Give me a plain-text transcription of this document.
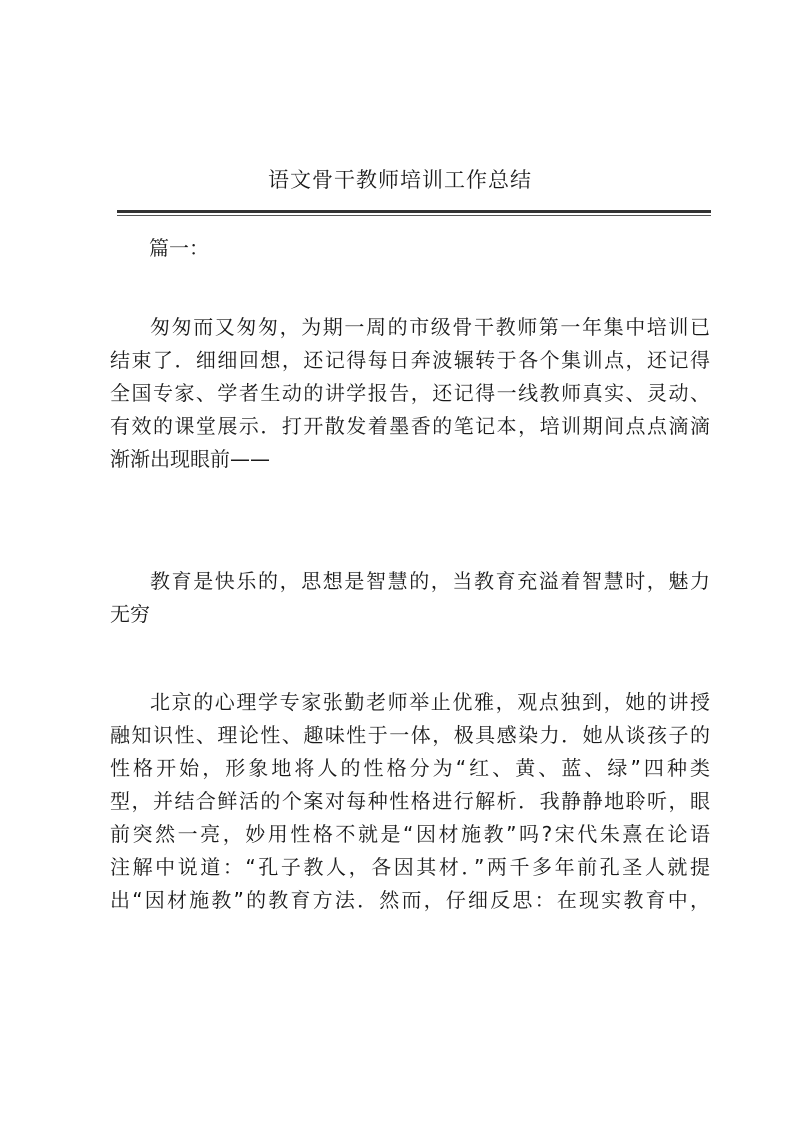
语文骨干教师培训工作总结
篇一：
匆匆而又匆匆，为期一周的市级骨干教师第一年集中培训已
结束了．细细回想，还记得每日奔波辗转于各个集训点，还记得
全国专家、学者生动的讲学报告，还记得一线教师真实、灵动、
有效的课堂展示．打开散发着墨香的笔记本，培训期间点点滴滴
渐渐出现眼前——
教育是快乐的，思想是智慧的，当教育充溢着智慧时，魅力
无穷
北京的心理学专家张勤老师举止优雅，观点独到，她的讲授
融知识性、理论性、趣味性于一体，极具感染力．她从谈孩子的
性格开始，形象地将人的性格分为“红、黄、蓝、绿”四种类
型，并结合鲜活的个案对每种性格进行解析．我静静地聆听，眼
前突然一亮，妙用性格不就是“因材施教”吗?宋代朱熹在论语
注解中说道：“孔子教人，各因其材．”两千多年前孔圣人就提
出“因材施教”的教育方法．然而，仔细反思：在现实教育中，
